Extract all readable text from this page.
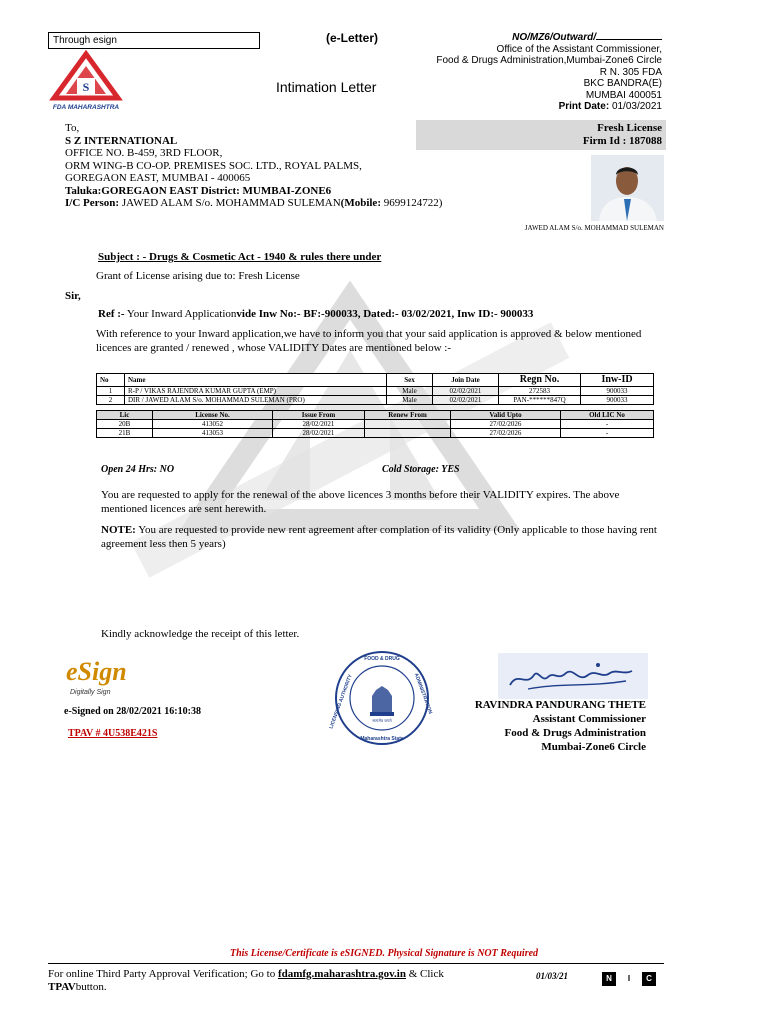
Through esign	(e-Letter)
Intimation Letter
S
FDA MAHARASHTRA
NO/MZ6/Outward/
Office of the Assistant Commissioner,
Food & Drugs Administration,Mumbai-Zone6 Circle
R N. 305 FDA
BKC BANDRA(E)
MUMBAI 400051
Print Date: 01/03/2021
To,
S Z INTERNATIONAL
OFFICE NO. B-459, 3RD FLOOR,
ORM WING-B CO-OP. PREMISES SOC. LTD., ROYAL PALMS,
GOREGAON EAST, MUMBAI - 400065
Taluka:GOREGAON EAST District: MUMBAI-ZONE6
I/C Person: JAWED ALAM S/o. MOHAMMAD SULEMAN(Mobile: 9699124722)
Fresh License
Firm Id : 187088
JAWED ALAM S/o. MOHAMMAD SULEMAN
Subject : - Drugs & Cosmetic Act - 1940 & rules there under
Grant of License arising due to: Fresh License
Sir,
Ref :- Your Inward Applicationvide Inw No:- BF:-900033, Dated:- 03/02/2021, Inw ID:- 900033
With reference to your Inward application,we have to inform you that your said application is approved & below mentioned licences are granted / renewed , whose VALIDITY Dates are mentioned below :-
No	Name	Sex	Join Date	Regn No.	Inw-ID
1	R-P / VIKAS RAJENDRA KUMAR GUPTA (EMP)	Male	02/02/2021	272583	900033
2	DIR / JAWED ALAM S/o. MOHAMMAD SULEMAN (PRO)	Male	02/02/2021	PAN-******847Q	900033
Lic	License No.	Issue From	Renew From	Valid Upto	Old LIC No
20B	413052	28/02/2021		27/02/2026	-
21B	413053	28/02/2021		27/02/2026	-
Open 24 Hrs: NO	Cold Storage: YES
You are requested to apply for the renewal of the above licences 3 months before their VALIDITY expires. The above mentioned licences are sent herewith.
NOTE: You are requested to provide new rent agreement after complation of its validity (Only applicable to those having rent agreement less then 5 years)
Kindly acknowledge the receipt of this letter.
eSign
Digitally Sign
e-Signed on 28/02/2021 16:10:38
TPAV # 4U538E421S
सत्यमेव जयते
FOOD & DRUG
Maharashtra State
LICENSING AUTHORITY	ADMINISTRATION	RAVINDRA PANDURANG THETE
Assistant Commissioner
Food & Drugs Administration
Mumbai-Zone6 Circle
This License/Certificate is eSIGNED. Physical Signature is NOT Required
For online Third Party Approval Verification; Go to fdamfg.maharashtra.gov.in & Click
TPAVbutton.
01/03/21	N I C
